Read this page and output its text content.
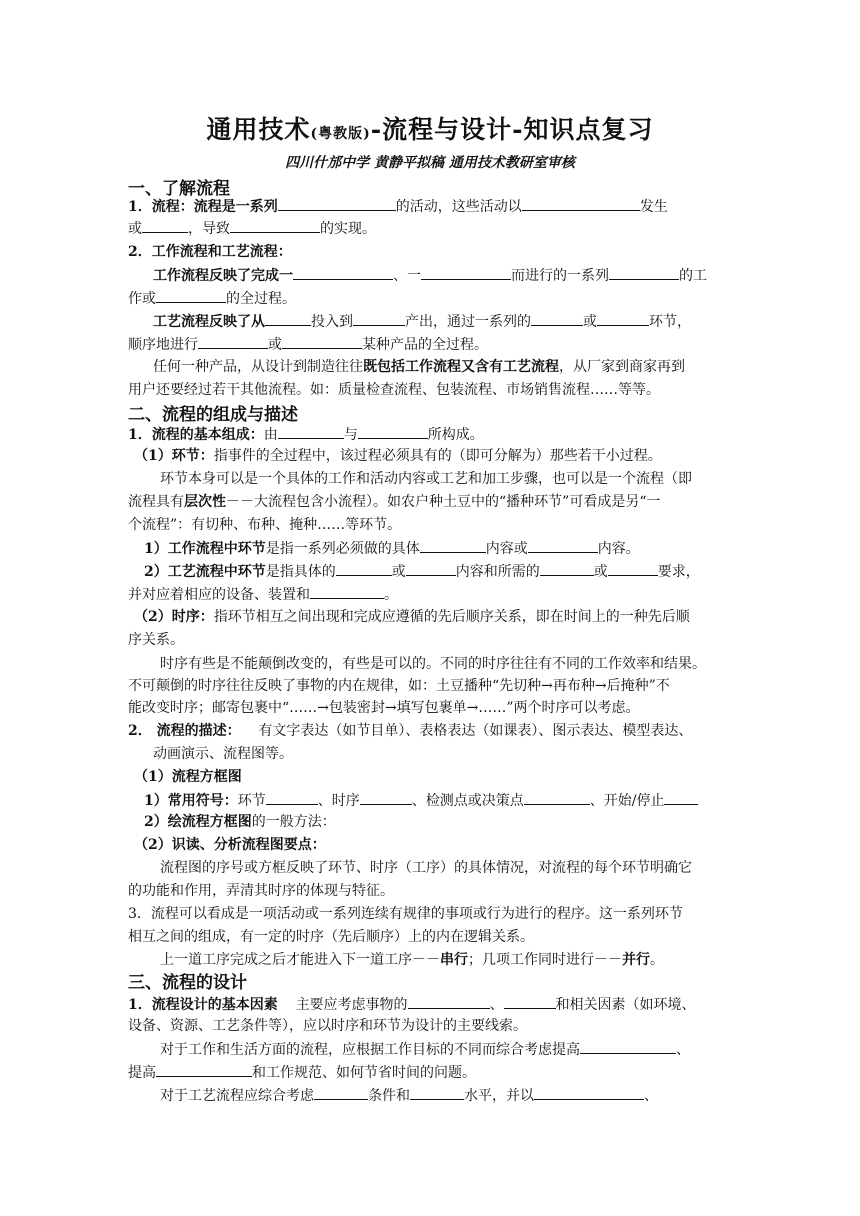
通用技术(粤教版)-流程与设计-知识点复习
四川什邡中学 黄静平拟稿 通用技术教研室审核
一、了解流程
1．流程：流程是一系列	的活动，这些活动以	发生
或	，导致	的实现。
2．工作流程和工艺流程：
工作流程反映了完成一	、一	而进行的一系列	的工
作或	的全过程。
工艺流程反映了从	投入到	产出，通过一系列的	或	环节，
顺序地进行	或	某种产品的全过程。
任何一种产品，从设计到制造往往既包括工作流程又含有工艺流程，从厂家到商家再到
用户还要经过若干其他流程。如：质量检查流程、包装流程、市场销售流程……等等。
二、流程的组成与描述
1．流程的基本组成：由	与	所构成。
（1）环节：指事件的全过程中，该过程必须具有的（即可分解为）那些若干小过程。
环节本身可以是一个具体的工作和活动内容或工艺和加工步骤，也可以是一个流程（即
流程具有层次性－－大流程包含小流程）。如农户种土豆中的“播种环节”可看成是另“一
个流程”：有切种、布种、掩种……等环节。
1）工作流程中环节是指一系列必须做的具体	内容或	内容。
2）工艺流程中环节是指具体的	或	内容和所需的	或	要求，
并对应着相应的设备、装置和	。
（2）时序：指环节相互之间出现和完成应遵循的先后顺序关系，即在时间上的一种先后顺
序关系。
时序有些是不能颠倒改变的，有些是可以的。不同的时序往往有不同的工作效率和结果。
不可颠倒的时序往往反映了事物的内在规律，如：土豆播种“先切种→再布种→后掩种”不
能改变时序；邮寄包裹中“……→包装密封→填写包裹单→……”两个时序可以考虑。
2． 流程的描述： 有文字表达（如节目单）、表格表达（如课表）、图示表达、模型表达、
动画演示、流程图等。
（1）流程方框图
1）常用符号：环节	、时序	、检测点或决策点	、开始/停止
2）绘流程方框图的一般方法：
（2）识读、分析流程图要点：
流程图的序号或方框反映了环节、时序（工序）的具体情况，对流程的每个环节明确它
的功能和作用，弄清其时序的体现与特征。
3．流程可以看成是一项活动或一系列连续有规律的事项或行为进行的程序。这一系列环节
相互之间的组成，有一定的时序（先后顺序）上的内在逻辑关系。
上一道工序完成之后才能进入下一道工序－－串行；几项工作同时进行－－并行。
三、流程的设计
1．流程设计的基本因素 主要应考虑事物的	、	和相关因素（如环境、
设备、资源、工艺条件等），应以时序和环节为设计的主要线索。
对于工作和生活方面的流程，应根据工作目标的不同而综合考虑提高	、
提高	和工作规范、如何节省时间的问题。
对于工艺流程应综合考虑	条件和	水平，并以	、
